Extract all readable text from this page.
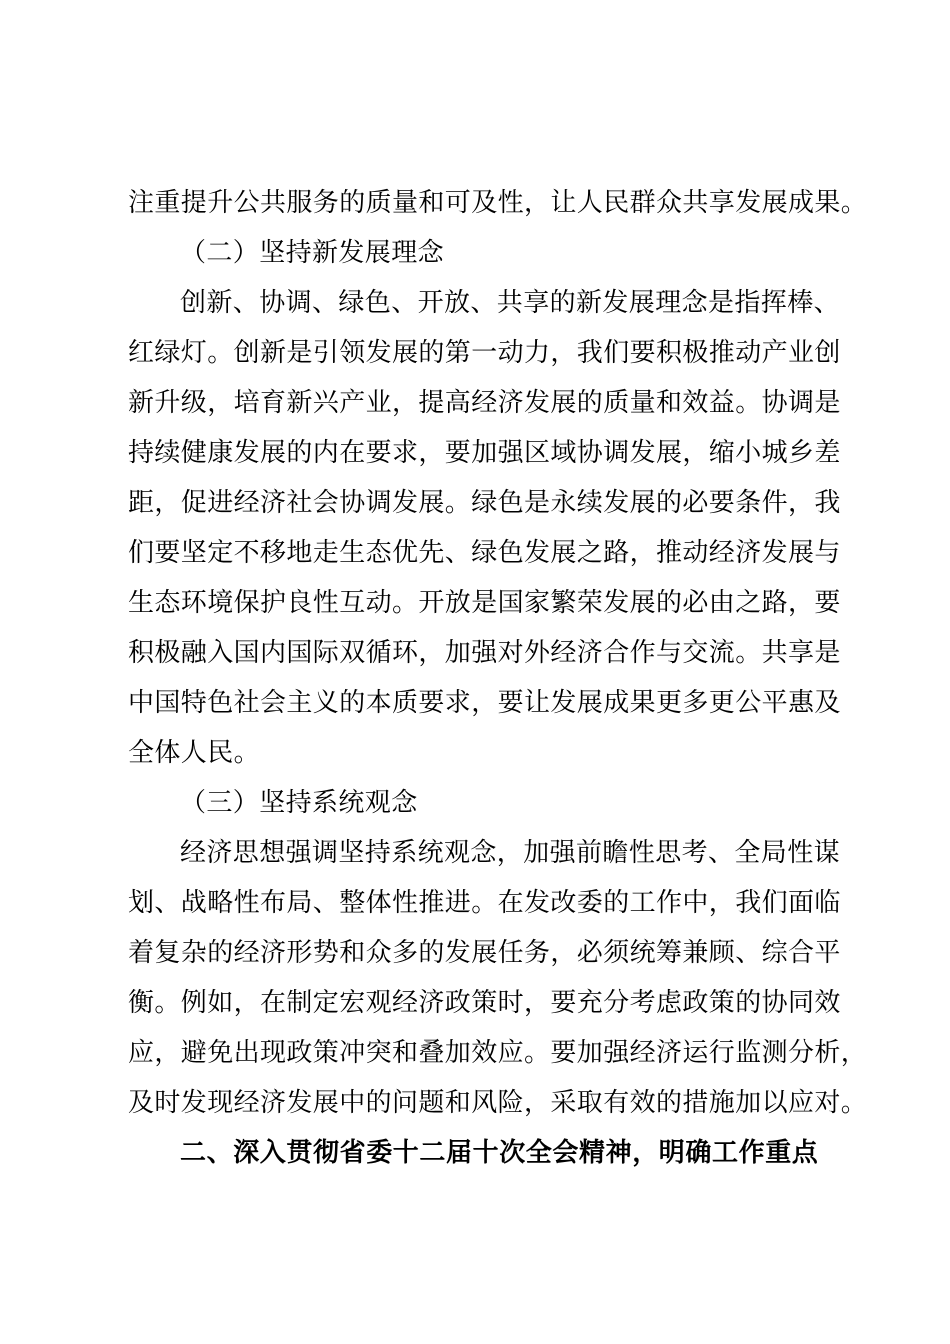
注重提升公共服务的质量和可及性，让人民群众共享发展成果。
（二）坚持新发展理念
创新、协调、绿色、开放、共享的新发展理念是指挥棒、
红绿灯。创新是引领发展的第一动力，我们要积极推动产业创
新升级，培育新兴产业，提高经济发展的质量和效益。协调是
持续健康发展的内在要求，要加强区域协调发展，缩小城乡差
距，促进经济社会协调发展。绿色是永续发展的必要条件，我
们要坚定不移地走生态优先、绿色发展之路，推动经济发展与
生态环境保护良性互动。开放是国家繁荣发展的必由之路，要
积极融入国内国际双循环，加强对外经济合作与交流。共享是
中国特色社会主义的本质要求，要让发展成果更多更公平惠及
全体人民。
（三）坚持系统观念
经济思想强调坚持系统观念，加强前瞻性思考、全局性谋
划、战略性布局、整体性推进。在发改委的工作中，我们面临
着复杂的经济形势和众多的发展任务，必须统筹兼顾、综合平
衡。例如，在制定宏观经济政策时，要充分考虑政策的协同效
应，避免出现政策冲突和叠加效应。要加强经济运行监测分析，
及时发现经济发展中的问题和风险，采取有效的措施加以应对。
二、深入贯彻省委十二届十次全会精神，明确工作重点
